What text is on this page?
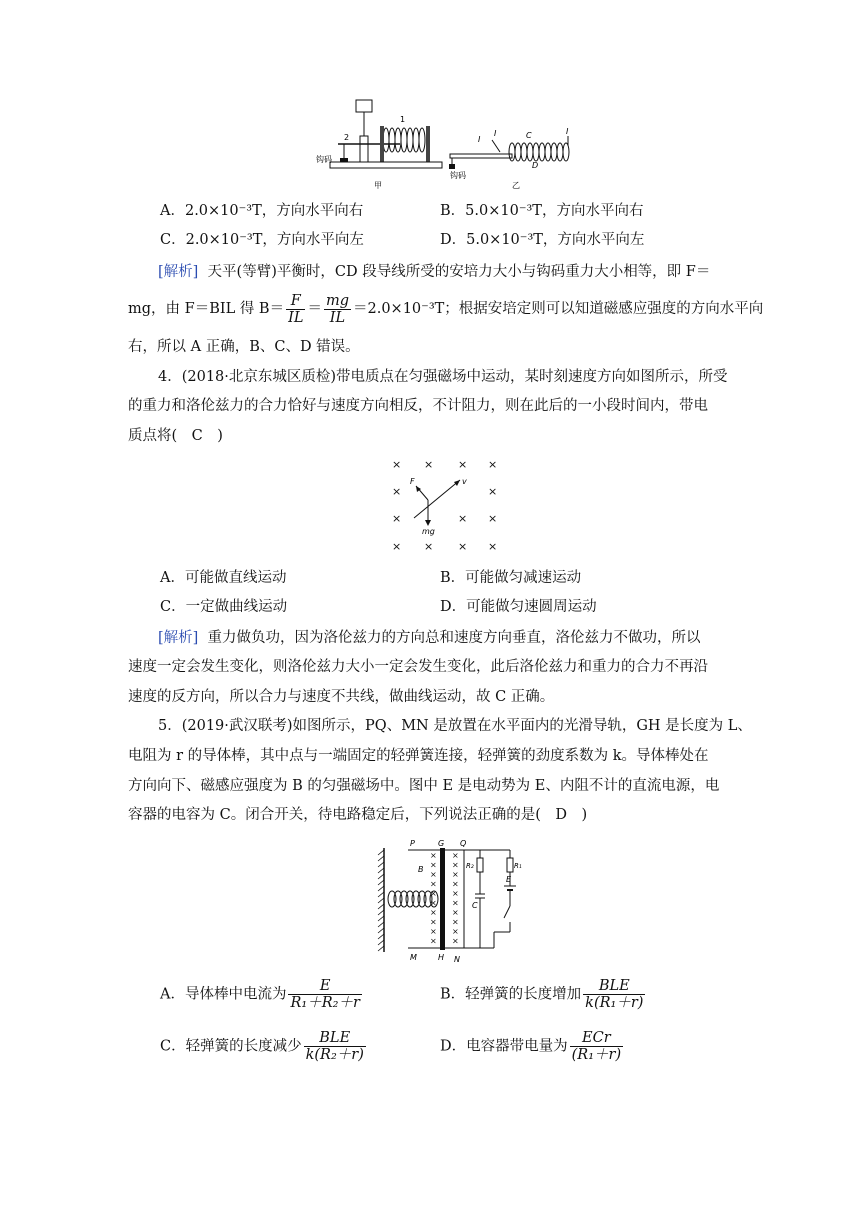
2
1
钩码
甲
I
I	C	I
D
钩码
乙
A．2.0×10⁻³T，方向水平向右	B．5.0×10⁻³T，方向水平向右
C．2.0×10⁻³T，方向水平向左	D．5.0×10⁻³T，方向水平向左
[解析] 天平(等臂)平衡时，CD 段导线所受的安培力大小与钩码重力大小相等，即 F＝
mg，由 F＝BIL 得 $B= \frac{F}{IL} = \frac{mg}{IL} =2.0\times 10^{-3}T$；根据安培定则可以知道磁感应强度的方向水平向
右，所以 A 正确，B、C、D 错误。
4．(2018·北京东城区质检)带电质点在匀强磁场中运动，某时刻速度方向如图所示，所受
的重力和洛伦兹力的合力恰好与速度方向相反，不计阻力，则在此后的一小段时间内，带电
质点将(　C　)
× × × ×
×	×
×	× ×
× × × ×
F	v
mg
A．可能做直线运动	B．可能做匀减速运动
C．一定做曲线运动	D．可能做匀速圆周运动
[解析] 重力做负功，因为洛伦兹力的方向总和速度方向垂直，洛伦兹力不做功，所以
速度一定会发生变化，则洛伦兹力大小一定会发生变化，此后洛伦兹力和重力的合力不再沿
速度的反方向，所以合力与速度不共线，做曲线运动，故 C 正确。
5．(2019·武汉联考)如图所示，PQ、MN 是放置在水平面内的光滑导轨，GH 是长度为 L、
电阻为 r 的导体棒，其中点与一端固定的轻弹簧连接，轻弹簧的劲度系数为 k。导体棒处在
方向向下、磁感应强度为 B 的匀强磁场中。图中 E 是电动势为 E、内阻不计的直流电源，电
容器的电容为 C。闭合开关，待电路稳定后，下列说法正确的是(　D　)
× ×
× ×
× ×
× ×
× ×
× ×
× ×
× ×
× ×
× ×
P	G Q
B	R₂	R₁
E
C
M	H N
A．导体棒中电流为 $\frac{E}{\text{R₁＋R₂＋r}}$	B．轻弹簧的长度增加 $\frac{\text{BLE}}{\text{k(R₁＋r)}}$
C．轻弹簧的长度减少 $\frac{\text{BLE}}{\text{k(R₂＋r)}}$	D．电容器带电量为 $\frac{\text{ECr}}{\text{(R₁＋r)}}$
